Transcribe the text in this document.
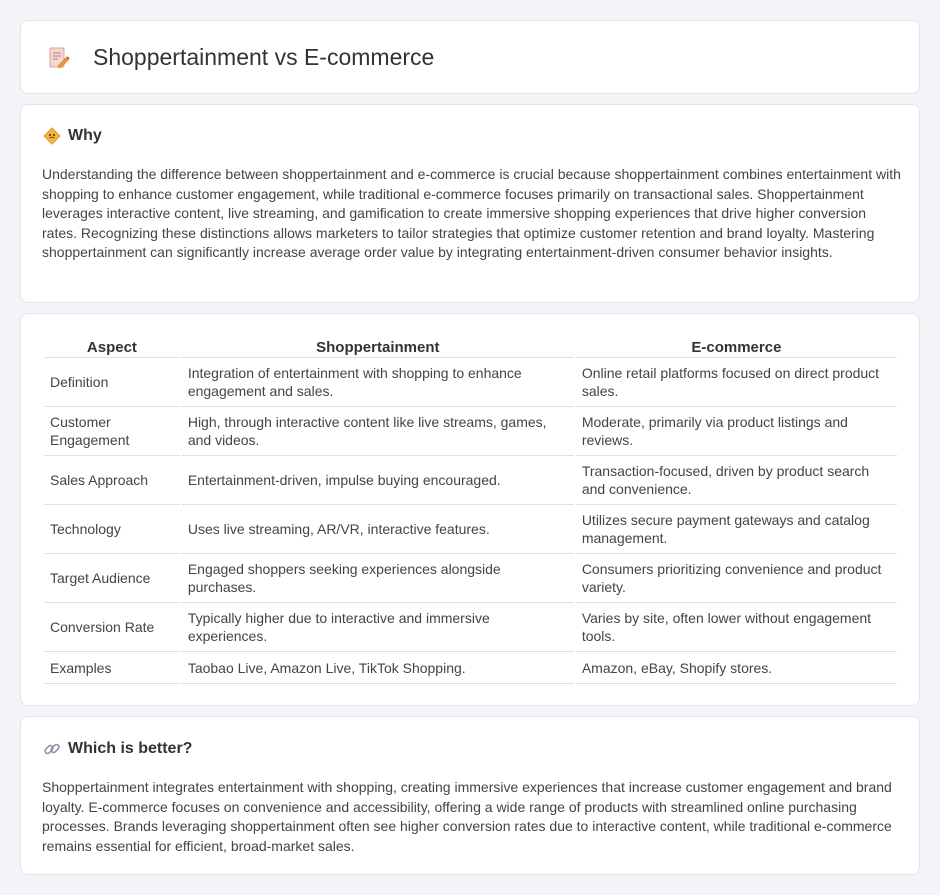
Shoppertainment vs E-commerce
Why

Understanding the difference between shoppertainment and e-commerce is crucial because shoppertainment combines entertainment with shopping to enhance customer engagement, while traditional e-commerce focuses primarily on transactional sales. Shoppertainment leverages interactive content, live streaming, and gamification to create immersive shopping experiences that drive higher conversion rates. Recognizing these distinctions allows marketers to tailor strategies that optimize customer retention and brand loyalty. Mastering shoppertainment can significantly increase average order value by integrating entertainment-driven consumer behavior insights.

Aspect	Shoppertainment	E-commerce
Definition	Integration of entertainment with shopping to enhance engagement and sales.	Online retail platforms focused on direct product sales.
Customer Engagement	High, through interactive content like live streams, games, and videos.	Moderate, primarily via product listings and reviews.
Sales Approach	Entertainment-driven, impulse buying encouraged.	Transaction-focused, driven by product search and convenience.
Technology	Uses live streaming, AR/VR, interactive features.	Utilizes secure payment gateways and catalog management.
Target Audience	Engaged shoppers seeking experiences alongside purchases.	Consumers prioritizing convenience and product variety.
Conversion Rate	Typically higher due to interactive and immersive experiences.	Varies by site, often lower without engagement tools.
Examples	Taobao Live, Amazon Live, TikTok Shopping.	Amazon, eBay, Shopify stores.
Which is better?

Shoppertainment integrates entertainment with shopping, creating immersive experiences that increase customer engagement and brand loyalty. E-commerce focuses on convenience and accessibility, offering a wide range of products with streamlined online purchasing processes. Brands leveraging shoppertainment often see higher conversion rates due to interactive content, while traditional e-commerce remains essential for efficient, broad-market sales.
